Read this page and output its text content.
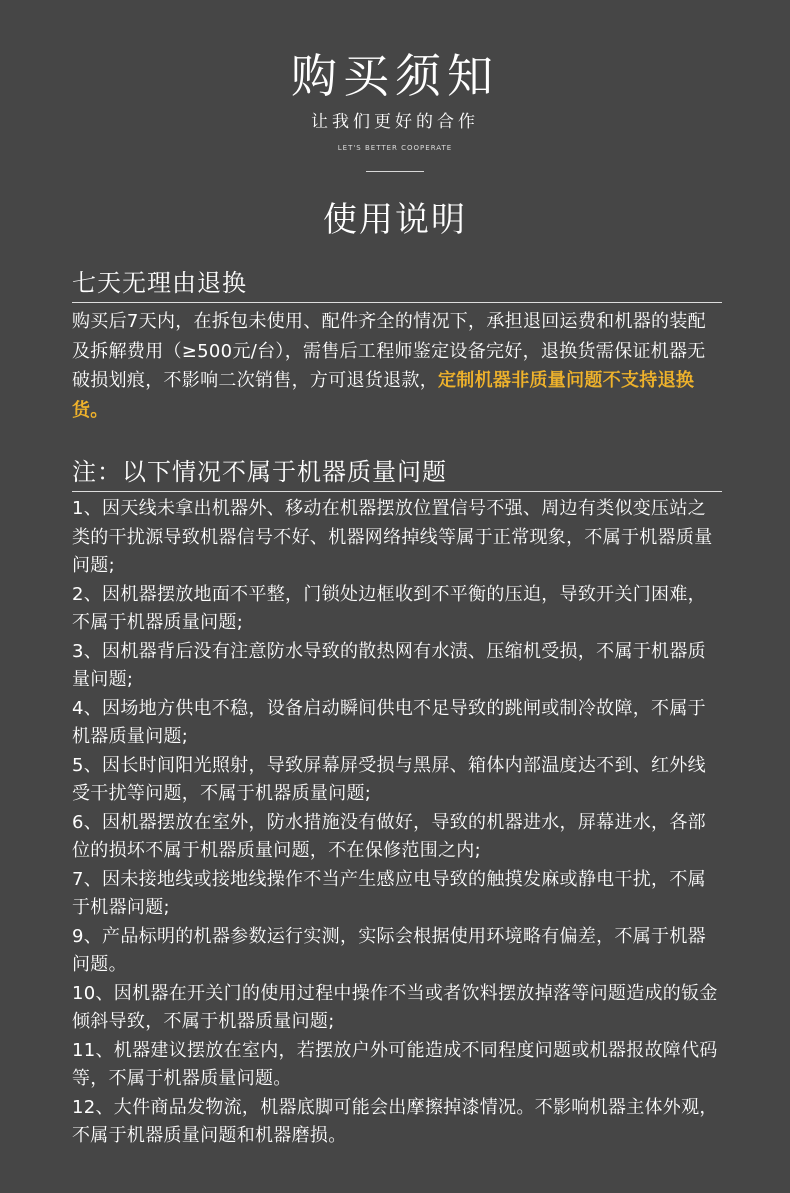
购买须知
让我们更好的合作
LET'S BETTER COOPERATE
使用说明
七天无理由退换
购买后7天内，在拆包未使用、配件齐全的情况下，承担退回运费和机器的装配及拆解费用（≥500元/台），需售后工程师鉴定设备完好，退换货需保证机器无破损划痕，不影响二次销售，方可退货退款，定制机器非质量问题不支持退换货。
注：以下情况不属于机器质量问题

1、因天线未拿出机器外、移动在机器摆放位置信号不强、周边有类似变压站之类的干扰源导致机器信号不好、机器网络掉线等属于正常现象，不属于机器质量问题;

2、因机器摆放地面不平整，门锁处边框收到不平衡的压迫，导致开关门困难，不属于机器质量问题;

3、因机器背后没有注意防水导致的散热网有水渍、压缩机受损，不属于机器质量问题;

4、因场地方供电不稳，设备启动瞬间供电不足导致的跳闸或制冷故障，不属于机器质量问题;

5、因长时间阳光照射，导致屏幕屏受损与黑屏、箱体内部温度达不到、红外线受干扰等问题，不属于机器质量问题;

6、因机器摆放在室外，防水措施没有做好，导致的机器进水，屏幕进水，各部位的损坏不属于机器质量问题，不在保修范围之内;

7、因未接地线或接地线操作不当产生感应电导致的触摸发麻或静电干扰，不属于机器问题;

9、产品标明的机器参数运行实测，实际会根据使用环境略有偏差，不属于机器问题。

10、因机器在开关门的使用过程中操作不当或者饮料摆放掉落等问题造成的钣金倾斜导致，不属于机器质量问题;

11、机器建议摆放在室内，若摆放户外可能造成不同程度问题或机器报故障代码等，不属于机器质量问题。

12、大件商品发物流，机器底脚可能会出摩擦掉漆情况。不影响机器主体外观，不属于机器质量问题和机器磨损。
